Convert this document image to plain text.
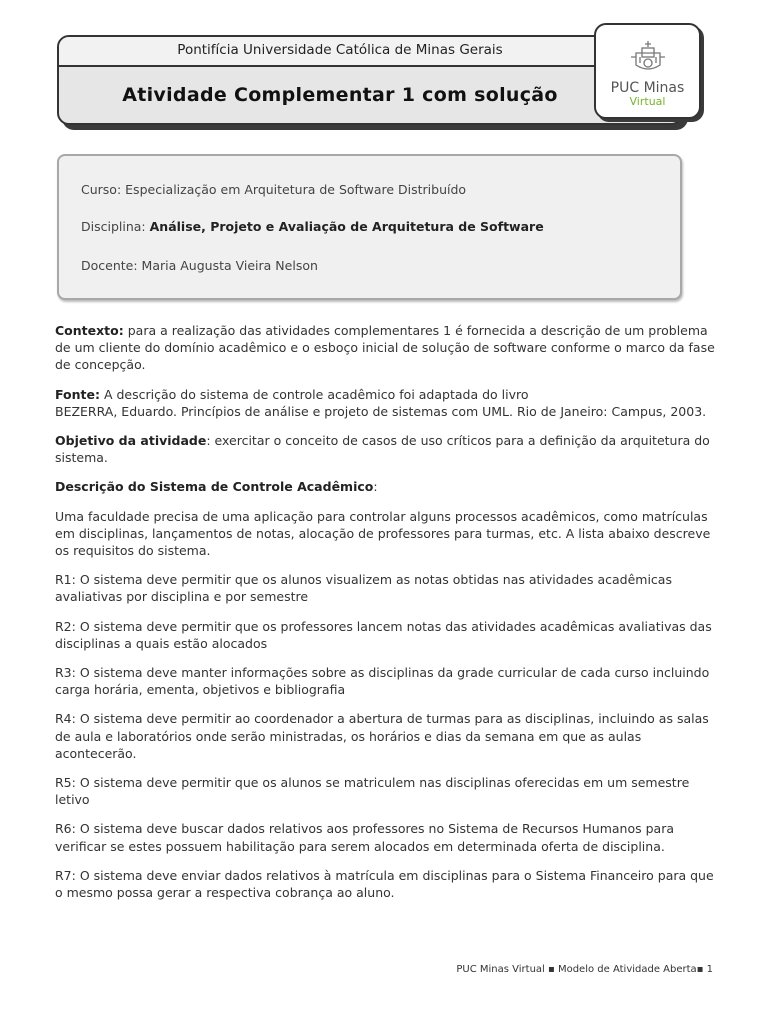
Pontifícia Universidade Católica de Minas Gerais
Atividade Complementar 1 com solução	PUC Minas
Virtual
Curso: Especialização em Arquitetura de Software Distribuído
Disciplina: Análise, Projeto e Avaliação de Arquitetura de Software
Docente: Maria Augusta Vieira Nelson

Contexto: para a realização das atividades complementares 1 é fornecida a descrição de um problema de um cliente do domínio acadêmico e o esboço inicial de solução de software conforme o marco da fase de concepção.

Fonte: A descrição do sistema de controle acadêmico foi adaptada do livro
BEZERRA, Eduardo. Princípios de análise e projeto de sistemas com UML. Rio de Janeiro: Campus, 2003.

Objetivo da atividade: exercitar o conceito de casos de uso críticos para a definição da arquitetura do sistema.

Descrição do Sistema de Controle Acadêmico:

Uma faculdade precisa de uma aplicação para controlar alguns processos acadêmicos, como matrículas em disciplinas, lançamentos de notas, alocação de professores para turmas, etc. A lista abaixo descreve os requisitos do sistema.

R1: O sistema deve permitir que os alunos visualizem as notas obtidas nas atividades acadêmicas avaliativas por disciplina e por semestre

R2: O sistema deve permitir que os professores lancem notas das atividades acadêmicas avaliativas das disciplinas a quais estão alocados

R3: O sistema deve manter informações sobre as disciplinas da grade curricular de cada curso incluindo carga horária, ementa, objetivos e bibliografia

R4: O sistema deve permitir ao coordenador a abertura de turmas para as disciplinas, incluindo as salas de aula e laboratórios onde serão ministradas, os horários e dias da semana em que as aulas acontecerão.

R5: O sistema deve permitir que os alunos se matriculem nas disciplinas oferecidas em um semestre letivo

R6: O sistema deve buscar dados relativos aos professores no Sistema de Recursos Humanos para verificar se estes possuem habilitação para serem alocados em determinada oferta de disciplina.

R7: O sistema deve enviar dados relativos à matrícula em disciplinas para o Sistema Financeiro para que o mesmo possa gerar a respectiva cobrança ao aluno.

PUC Minas Virtual ▪ Modelo de Atividade Aberta▪ 1
